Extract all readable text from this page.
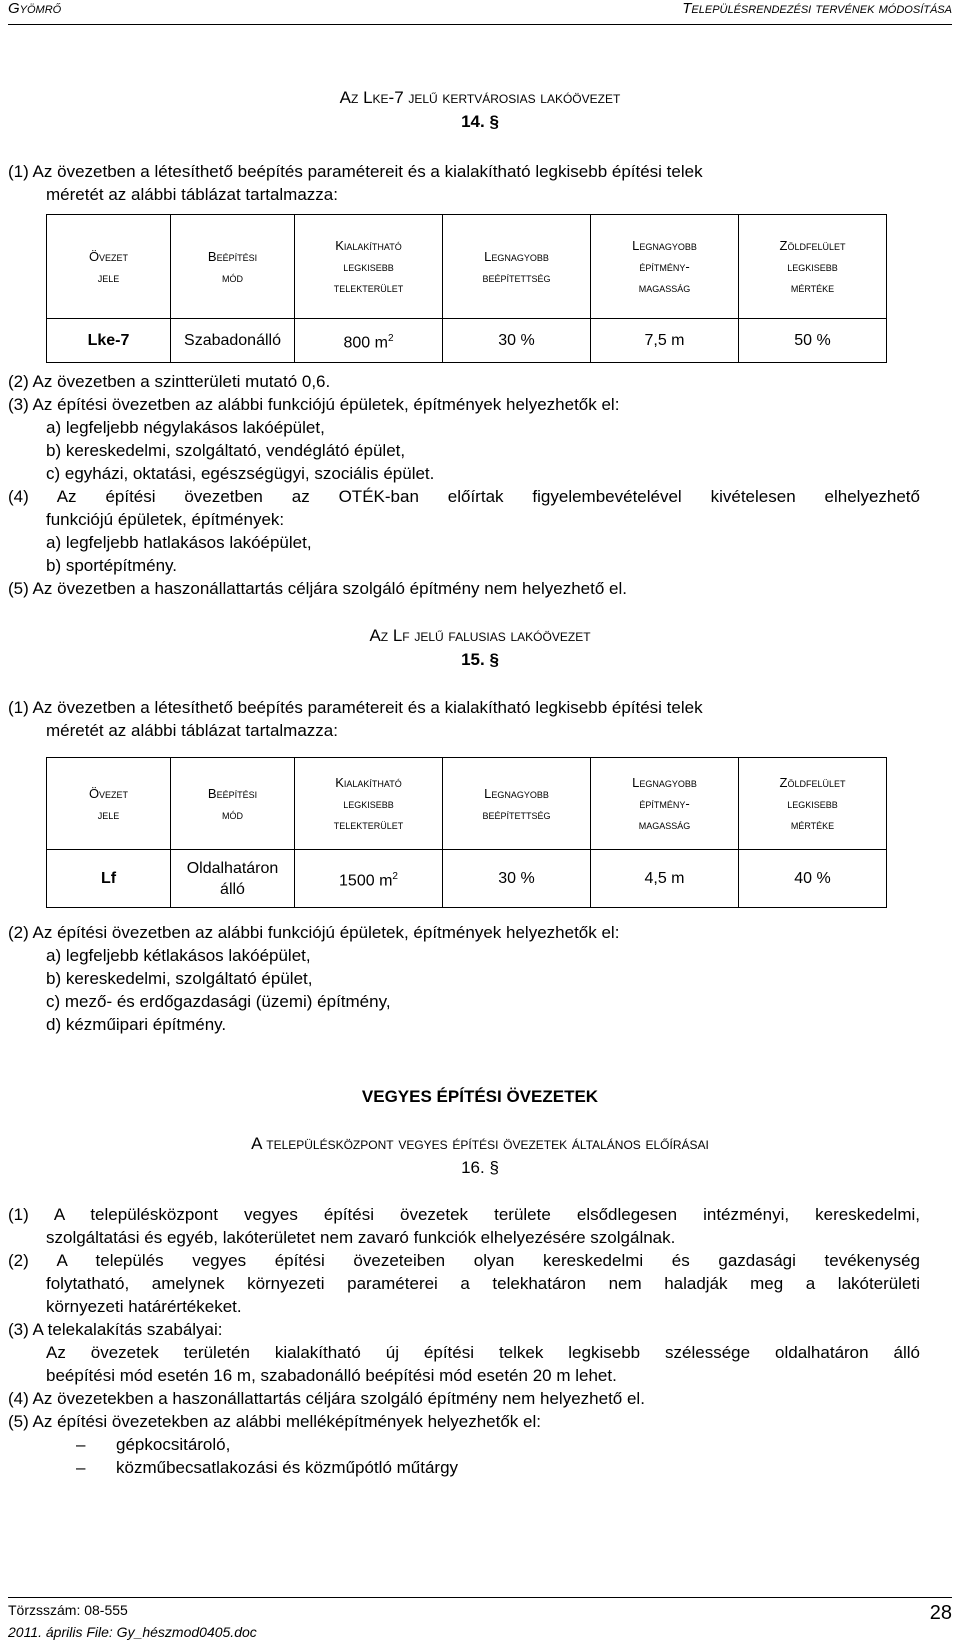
Gyömrő	Településrendezési tervének módosítása
Az Lke-7 jelű kertvárosias lakóövezet
14. §
(1) Az övezetben a létesíthető beépítés paramétereit és a kialakítható legkisebb építési telek
méretét az alábbi táblázat tartalmazza:
Övezet
jele	Beépítési
mód	Kialakítható
legkisebb
telekterület	Legnagyobb
beépítettség	Legnagyobb
építmény-
magasság	Zöldfelület
legkisebb
mértéke
Lke-7	Szabadonálló	800 $m^2$	30 %	7,5 m	50 %
(2) Az övezetben a szintterületi mutató 0,6.
(3) Az építési övezetben az alábbi funkciójú épületek, építmények helyezhetők el:
a) legfeljebb négylakásos lakóépület,
b) kereskedelmi, szolgáltató, vendéglátó épület,
c) egyházi, oktatási, egészségügyi, szociális épület.
(4) Az építési övezetben az OTÉK-ban előírtak figyelembevételével kivételesen elhelyezhető
funkciójú épületek, építmények:
a) legfeljebb hatlakásos lakóépület,
b) sportépítmény.
(5) Az övezetben a haszonállattartás céljára szolgáló építmény nem helyezhető el.
Az Lf jelű falusias lakóövezet
15. §
(1) Az övezetben a létesíthető beépítés paramétereit és a kialakítható legkisebb építési telek
méretét az alábbi táblázat tartalmazza:
Övezet
jele	Beépítési
mód	Kialakítható
legkisebb
telekterület	Legnagyobb
beépítettség	Legnagyobb
építmény-
magasság	Zöldfelület
legkisebb
mértéke
Lf	Oldalhatáron
álló	1500 $m^2$	30 %	4,5 m	40 %
(2) Az építési övezetben az alábbi funkciójú épületek, építmények helyezhetők el:
a) legfeljebb kétlakásos lakóépület,
b) kereskedelmi, szolgáltató épület,
c) mező- és erdőgazdasági (üzemi) építmény,
d) kézműipari építmény.
VEGYES ÉPÍTÉSI ÖVEZETEK
A településközpont vegyes építési övezetek általános előírásai
16. §
(1) A településközpont vegyes építési övezetek területe elsődlegesen intézményi, kereskedelmi,
szolgáltatási és egyéb, lakóterületet nem zavaró funkciók elhelyezésére szolgálnak.
(2) A település vegyes építési övezeteiben olyan kereskedelmi és gazdasági tevékenység
folytatható, amelynek környezeti paraméterei a telekhatáron nem haladják meg a lakóterületi
környezeti határértékeket.
(3) A telekalakítás szabályai:
Az övezetek területén kialakítható új építési telkek legkisebb szélessége oldalhatáron álló
beépítési mód esetén 16 m, szabadonálló beépítési mód esetén 20 m lehet.
(4) Az övezetekben a haszonállattartás céljára szolgáló építmény nem helyezhető el.
(5) Az építési övezetekben az alábbi melléképítmények helyezhetők el:
– gépkocsitároló,
– közműbecsatlakozási és közműpótló műtárgy
Törzsszám: 08-555
2011. április File: Gy_hészmod0405.doc
28
